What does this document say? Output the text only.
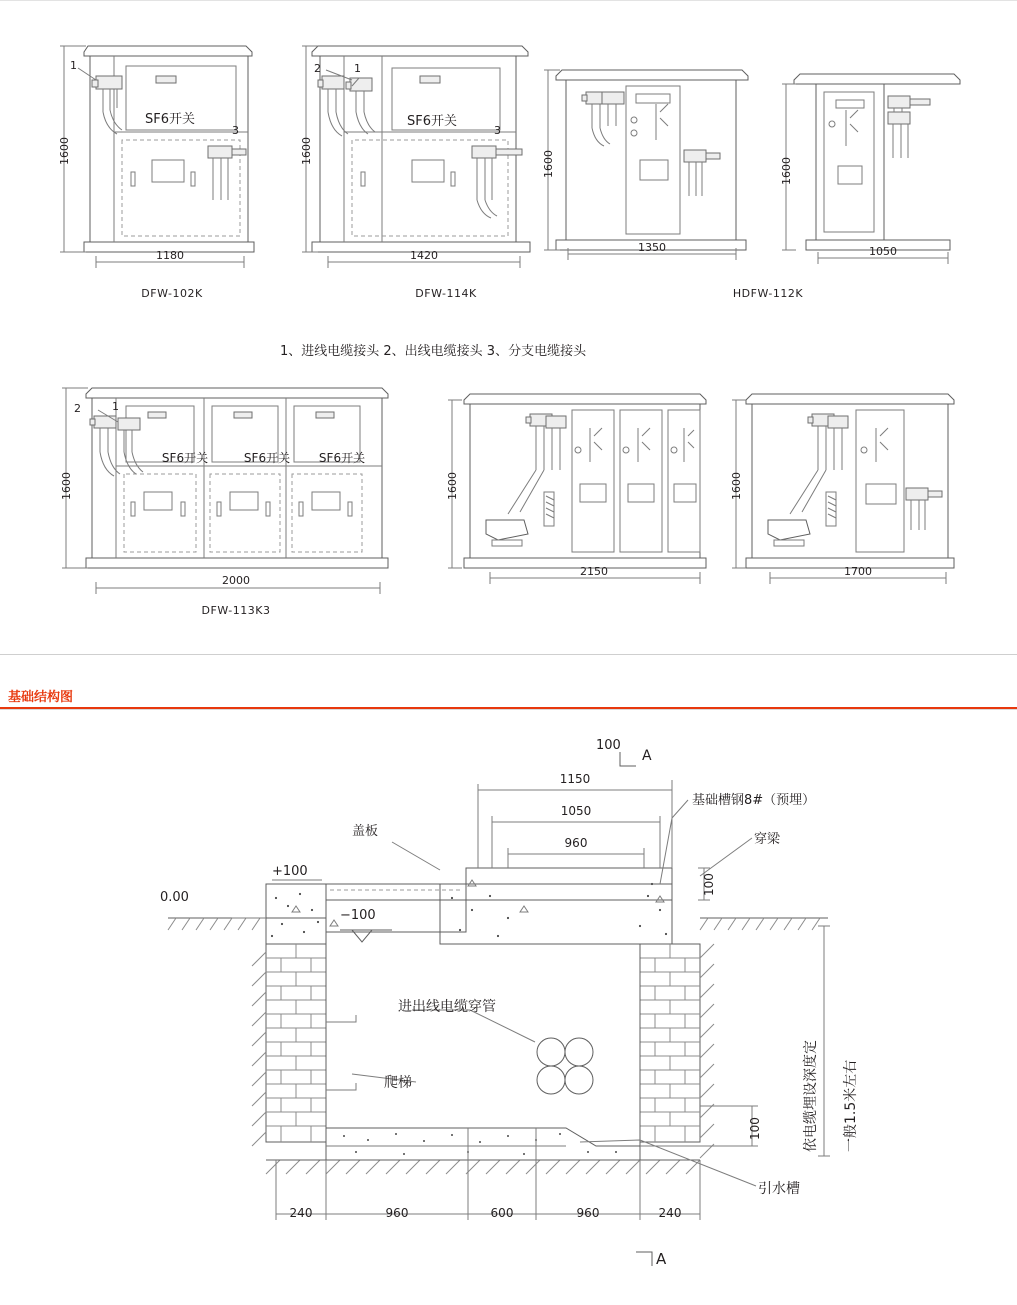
1600
SF6开关
1
3
1180
DFW-102K
1600
SF6开关
2	1
3
1420
DFW-114K
1600
1350
1600
1050
HDFW-112K
1、进线电缆接头 2、出线电缆接头 3、分支电缆接头
1600
SF6开关	SF6开关 SF6开关
2	1
2000
DFW-113K3
1600
2150
1600
1700
基础结构图
100
A
A
1150
1050
960
基础槽钢8#（预埋）
穿梁
盖板
0.00
+100
−100
100
100
进出线电缆穿管
爬梯
引水槽
依电缆埋设深度定 一般1.5米左右
240	960	600	960	240
